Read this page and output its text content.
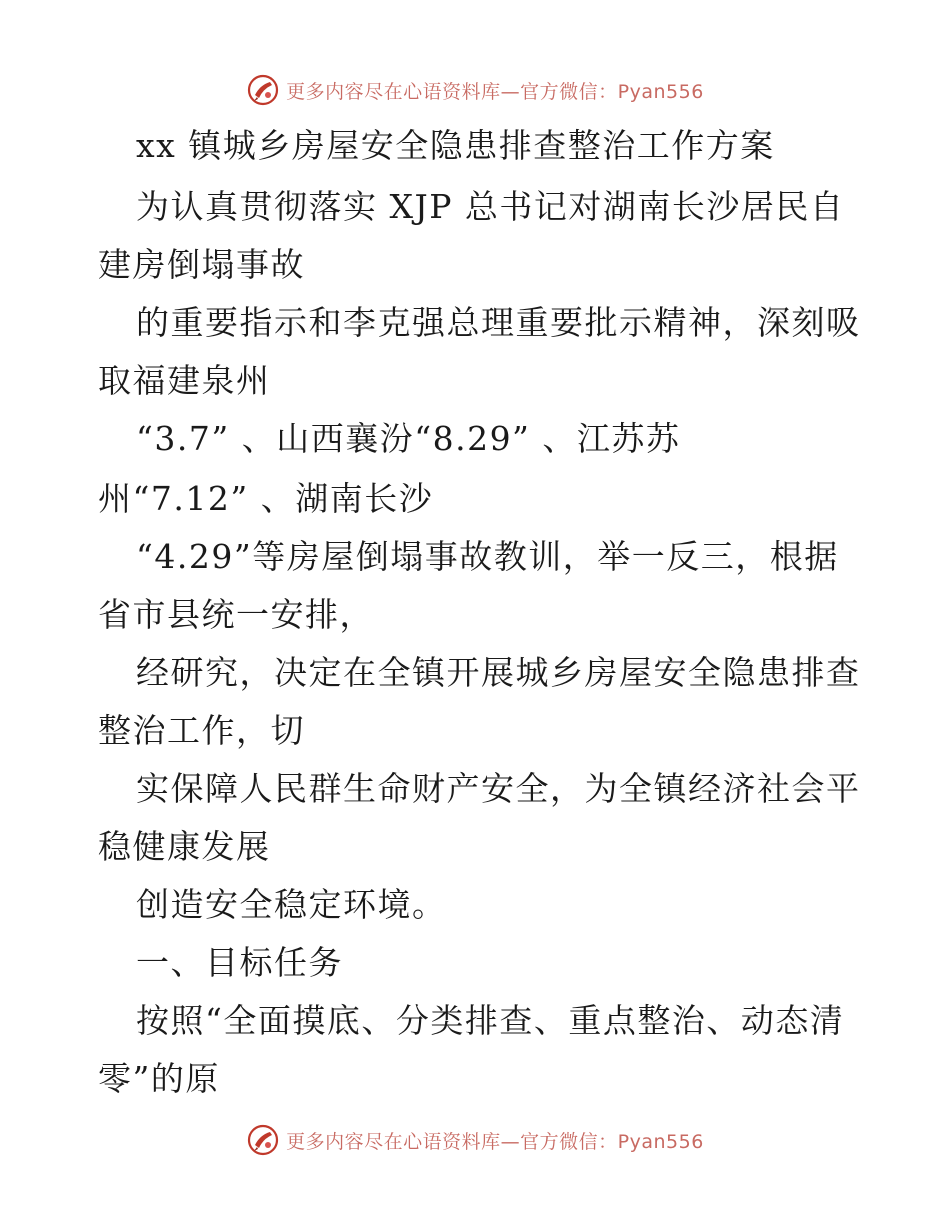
更多内容尽在心语资料库—官方微信：Pyan556
xx 镇城乡房屋安全隐患排查整治工作方案
为认真贯彻落实 XJP 总书记对湖南长沙居民自
建房倒塌事故
的重要指示和李克强总理重要批示精神，深刻吸
取福建泉州
“3.7” 、山西襄汾“8.29” 、江苏苏
州“7.12” 、湖南长沙
“4.29”等房屋倒塌事故教训，举一反三，根据
省市县统一安排，
经研究，决定在全镇开展城乡房屋安全隐患排查
整治工作，切
实保障人民群生命财产安全，为全镇经济社会平
稳健康发展
创造安全稳定环境。
一、目标任务
按照“全面摸底、分类排查、重点整治、动态清
零”的原
更多内容尽在心语资料库—官方微信：Pyan556
